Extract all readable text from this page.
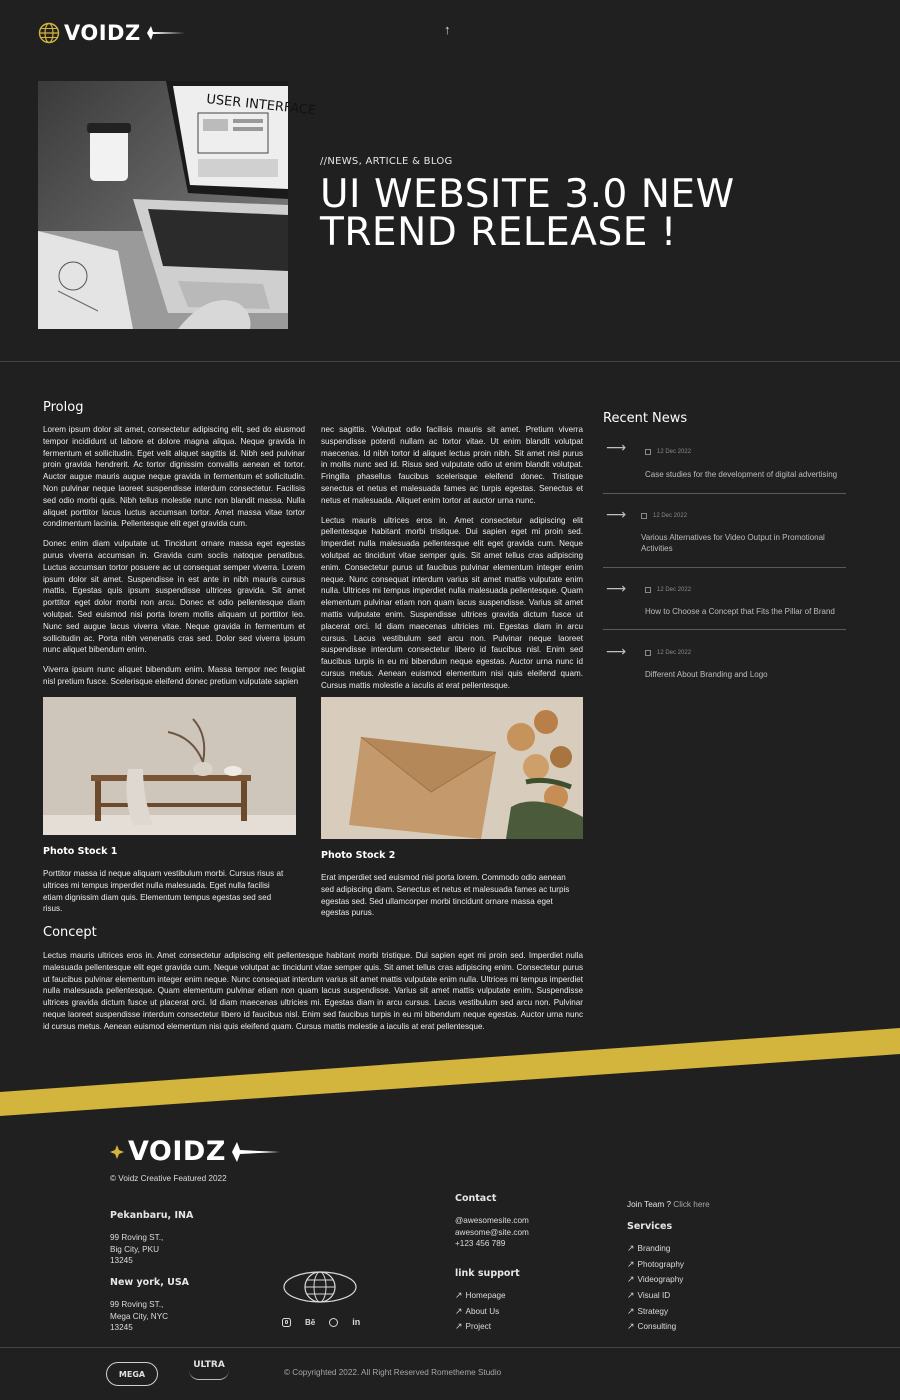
VOIDZ	↑
USER INTERFACE
//NEWS, ARTICLE & BLOG
UI WEBSITE 3.0 NEW
TREND RELEASE !
Prolog

Lorem ipsum dolor sit amet, consectetur adipiscing elit, sed do eiusmod tempor incididunt ut labore et dolore magna aliqua. Neque gravida in fermentum et sollicitudin. Eget velit aliquet sagittis id. Nibh sed pulvinar proin gravida hendrerit. Ac tortor dignissim convallis aenean et tortor. Auctor augue mauris augue neque gravida in fermentum et sollicitudin. Non pulvinar neque laoreet suspendisse interdum consectetur. Facilisis sed odio morbi quis. Nibh tellus molestie nunc non blandit massa. Nulla aliquet porttitor lacus luctus accumsan tortor. Amet massa vitae tortor condimentum lacinia. Pellentesque elit eget gravida cum.

Donec enim diam vulputate ut. Tincidunt ornare massa eget egestas purus viverra accumsan in. Gravida cum sociis natoque penatibus. Luctus accumsan tortor posuere ac ut consequat semper viverra. Lorem ipsum dolor sit amet. Suspendisse in est ante in nibh mauris cursus mattis. Egestas quis ipsum suspendisse ultrices gravida. Sit amet porttitor eget dolor morbi non arcu. Donec et odio pellentesque diam volutpat. Sed euismod nisi porta lorem mollis aliquam ut porttitor leo. Nunc sed augue lacus viverra vitae. Neque gravida in fermentum et sollicitudin ac. Porta nibh venenatis cras sed. Dolor sed viverra ipsum nunc aliquet bibendum enim.

Viverra ipsum nunc aliquet bibendum enim. Massa tempor nec feugiat nisl pretium fusce. Scelerisque eleifend donec pretium vulputate sapien

nec sagittis. Volutpat odio facilisis mauris sit amet. Pretium viverra suspendisse potenti nullam ac tortor vitae. Ut enim blandit volutpat maecenas. Id nibh tortor id aliquet lectus proin nibh. Sit amet nisl purus in mollis nunc sed id. Risus sed vulputate odio ut enim blandit volutpat. Fringilla phasellus faucibus scelerisque eleifend donec. Tristique senectus et netus et malesuada fames ac turpis egestas. Senectus et netus et malesuada. Aliquet enim tortor at auctor urna nunc.

Lectus mauris ultrices eros in. Amet consectetur adipiscing elit pellentesque habitant morbi tristique. Dui sapien eget mi proin sed. Imperdiet nulla malesuada pellentesque elit eget gravida cum. Neque volutpat ac tincidunt vitae semper quis. Sit amet tellus cras adipiscing enim. Consectetur purus ut faucibus pulvinar elementum integer enim neque. Nunc consequat interdum varius sit amet mattis vulputate enim nulla. Ultrices mi tempus imperdiet nulla malesuada pellentesque. Quam elementum pulvinar etiam non quam lacus suspendisse. Varius sit amet mattis vulputate enim. Suspendisse ultrices gravida dictum fusce ut placerat orci. Id diam maecenas ultricies mi. Egestas diam in arcu cursus. Lacus vestibulum sed arcu non. Pulvinar neque laoreet suspendisse interdum consectetur libero id faucibus nisl. Enim sed faucibus turpis in eu mi bibendum neque egestas. Auctor urna nunc id cursus metus. Aenean euismod elementum nisi quis eleifend quam. Cursus mattis molestie a iaculis at erat pellentesque.

Photo Stock 1
Porttitor massa id neque aliquam vestibulum morbi. Cursus risus at ultrices mi tempus imperdiet nulla malesuada. Eget nulla facilisi etiam dignissim diam quis. Elementum tempus egestas sed sed risus.
Photo Stock 2
Erat imperdiet sed euismod nisi porta lorem. Commodo odio aenean sed adipiscing diam. Senectus et netus et malesuada fames ac turpis egestas sed. Sed ullamcorper morbi tincidunt ornare massa eget egestas purus.
Concept

Lectus mauris ultrices eros in. Amet consectetur adipiscing elit pellentesque habitant morbi tristique. Dui sapien eget mi proin sed. Imperdiet nulla malesuada pellentesque elit eget gravida cum. Neque volutpat ac tincidunt vitae semper quis. Sit amet tellus cras adipiscing enim. Consectetur purus ut faucibus pulvinar elementum integer enim neque. Nunc consequat interdum varius sit amet mattis vulputate enim nulla. Ultrices mi tempus imperdiet nulla malesuada pellentesque. Quam elementum pulvinar etiam non quam lacus suspendisse. Varius sit amet mattis vulputate enim. Suspendisse ultrices gravida dictum fusce ut placerat orci. Id diam maecenas ultricies mi. Egestas diam in arcu cursus. Lacus vestibulum sed arcu non. Pulvinar neque laoreet suspendisse interdum consectetur libero id faucibus nisl. Enim sed faucibus turpis in eu mi bibendum neque egestas. Auctor urna nunc id cursus metus. Aenean euismod elementum nisi quis eleifend quam. Cursus mattis molestie a iaculis at erat pellentesque.

Recent News
⟶	12 Dec 2022
Case studies for the development of digital advertising
⟶	12 Dec 2022
Various Alternatives for Video Output in Promotional Activities
⟶	12 Dec 2022
How to Choose a Concept that Fits the Pillar of Brand
⟶	12 Dec 2022
Different About Branding and Logo
VOIDZ
© Voidz Creative Featured 2022
Pekanbaru, INA
99 Roving ST.,
Big City, PKU
13245
New york, USA
99 Roving ST.,
Mega City, NYC
13245
Bē	in
Contact
@awesomesite.com
awesome@site.com
+123 456 789
link support
↗ Homepage
↗ About Us
↗ Project
Join Team ? Click here
Services
↗ Branding
↗ Photography
↗ Videography
↗ Visual ID
↗ Strategy
↗ Consulting
MEGA
ULTRA
© Copyrighted 2022. All Right Reserved Rometheme Studio
